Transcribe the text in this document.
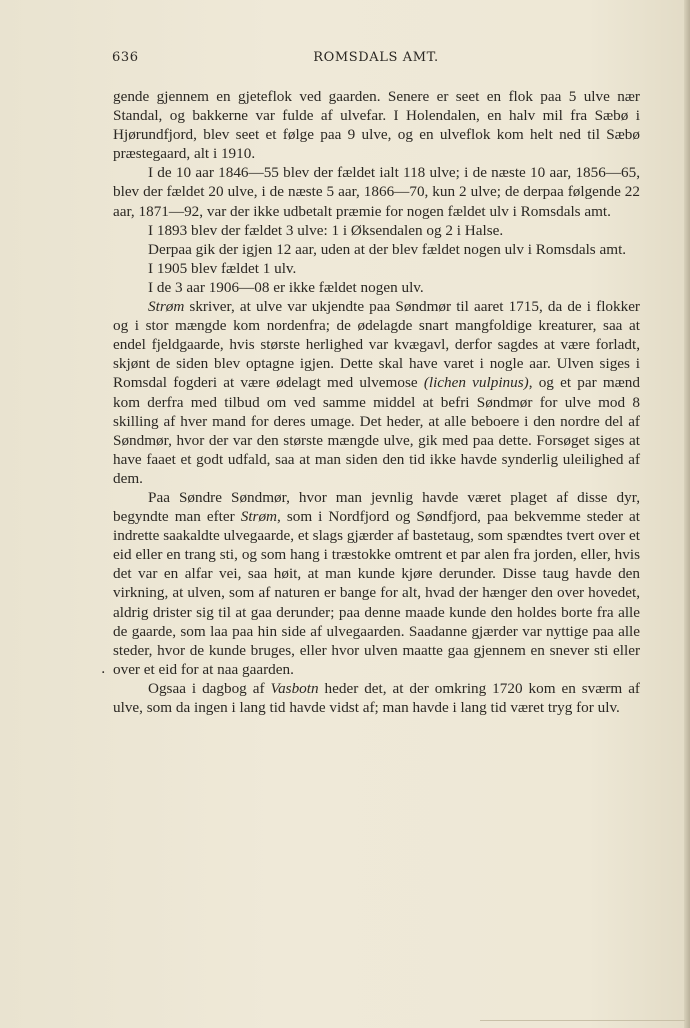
636	ROMSDALS AMT.

gende gjennem en gjeteflok ved gaarden. Senere er seet en flok paa 5 ulve nær Standal, og bakkerne var fulde af ulvefar. I Holendalen, en halv mil fra Sæbø i Hjørundfjord, blev seet et følge paa 9 ulve, og en ulveflok kom helt ned til Sæbø præstegaard, alt i 1910.

I de 10 aar 1846—55 blev der fældet ialt 118 ulve; i de næste 10 aar, 1856—65, blev der fældet 20 ulve, i de næste 5 aar, 1866—70, kun 2 ulve; de derpaa følgende 22 aar, 1871—92, var der ikke udbetalt præmie for nogen fældet ulv i Romsdals amt.

I 1893 blev der fældet 3 ulve: 1 i Øksendalen og 2 i Halse.

Derpaa gik der igjen 12 aar, uden at der blev fældet nogen ulv i Romsdals amt.

I 1905 blev fældet 1 ulv.

I de 3 aar 1906—08 er ikke fældet nogen ulv.

Strøm skriver, at ulve var ukjendte paa Søndmør til aaret 1715, da de i flokker og i stor mængde kom nordenfra; de ødelagde snart mangfoldige kreaturer, saa at endel fjeldgaarde, hvis største herlighed var kvægavl, derfor sagdes at være forladt, skjønt de siden blev optagne igjen. Dette skal have varet i nogle aar. Ulven siges i Romsdal fogderi at være ødelagt med ulvemose (lichen vulpinus), og et par mænd kom derfra med tilbud om ved samme middel at befri Søndmør for ulve mod 8 skilling af hver mand for deres umage. Det heder, at alle beboere i den nordre del af Søndmør, hvor der var den største mængde ulve, gik med paa dette. Forsøget siges at have faaet et godt udfald, saa at man siden den tid ikke havde synderlig uleilighed af dem.

Paa Søndre Søndmør, hvor man jevnlig havde været plaget af disse dyr, begyndte man efter Strøm, som i Nordfjord og Søndfjord, paa bekvemme steder at indrette saakaldte ulvegaarde, et slags gjærder af bastetaug, som spændtes tvert over et eid eller en trang sti, og som hang i træstokke omtrent et par alen fra jorden, eller, hvis det var en alfar vei, saa høit, at man kunde kjøre derunder. Disse taug havde den virkning, at ulven, som af naturen er bange for alt, hvad der hænger den over hovedet, aldrig drister sig til at gaa derunder; paa denne maade kunde den holdes borte fra alle de gaarde, som laa paa hin side af ulvegaarden. Saadanne gjærder var nyttige paa alle steder, hvor de kunde bruges, eller hvor ulven maatte gaa gjennem en snever sti eller over et eid for at naa gaarden.

Ogsaa i dagbog af Vasbotn heder det, at der omkring 1720 kom en sværm af ulve, som da ingen i lang tid havde vidst af; man havde i lang tid været tryg for ulv.

.
